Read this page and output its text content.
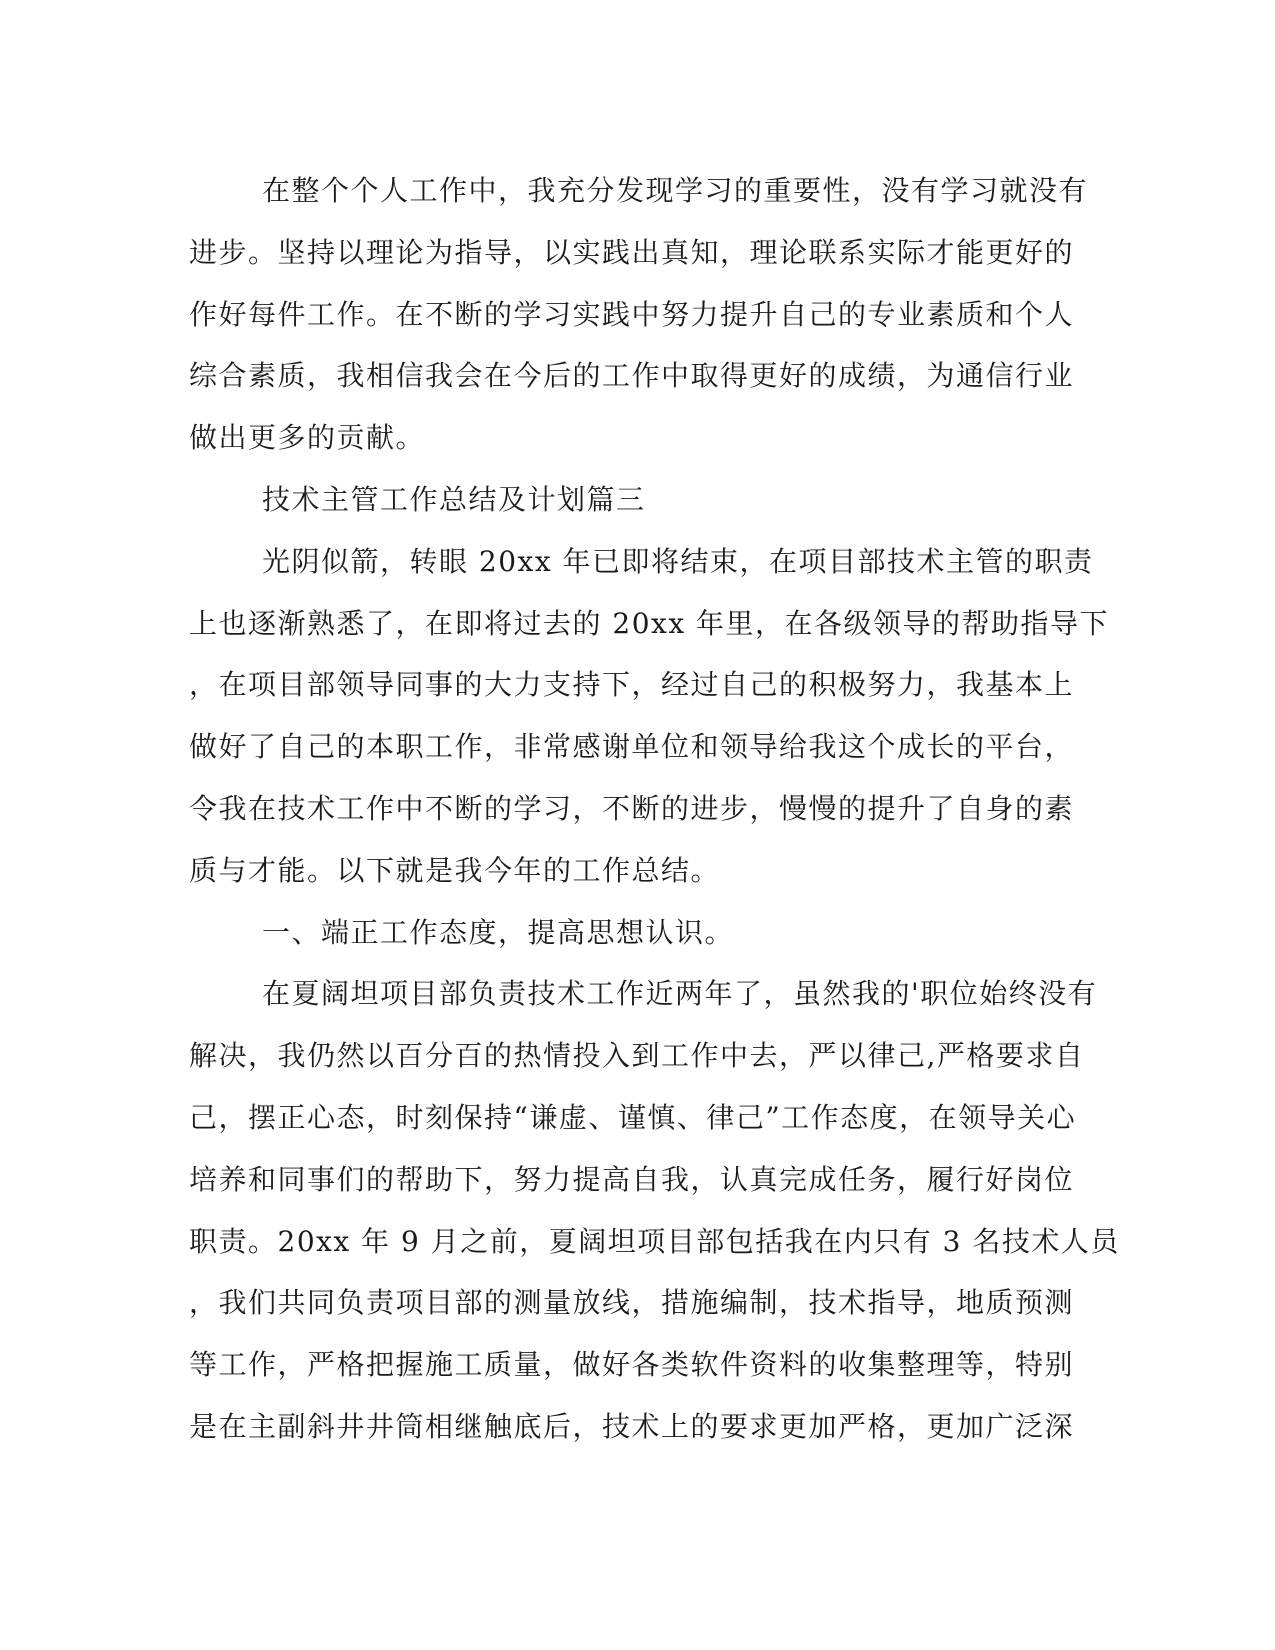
在整个个人工作中，我充分发现学习的重要性，没有学习就没有
进步。坚持以理论为指导，以实践出真知，理论联系实际才能更好的
作好每件工作。在不断的学习实践中努力提升自己的专业素质和个人
综合素质，我相信我会在今后的工作中取得更好的成绩，为通信行业
做出更多的贡献。
技术主管工作总结及计划篇三
光阴似箭，转眼 20xx 年已即将结束，在项目部技术主管的职责
上也逐渐熟悉了，在即将过去的 20xx 年里，在各级领导的帮助指导下
，在项目部领导同事的大力支持下，经过自己的积极努力，我基本上
做好了自己的本职工作，非常感谢单位和领导给我这个成长的平台，
令我在技术工作中不断的学习，不断的进步，慢慢的提升了自身的素
质与才能。以下就是我今年的工作总结。
一、端正工作态度，提高思想认识。
在夏阔坦项目部负责技术工作近两年了，虽然我的'职位始终没有
解决，我仍然以百分百的热情投入到工作中去，严以律己,严格要求自
己，摆正心态，时刻保持“谦虚、谨慎、律己”工作态度，在领导关心
培养和同事们的帮助下，努力提高自我，认真完成任务，履行好岗位
职责。20xx 年 9 月之前，夏阔坦项目部包括我在内只有 3 名技术人员
，我们共同负责项目部的测量放线，措施编制，技术指导，地质预测
等工作，严格把握施工质量，做好各类软件资料的收集整理等，特别
是在主副斜井井筒相继触底后，技术上的要求更加严格，更加广泛深
